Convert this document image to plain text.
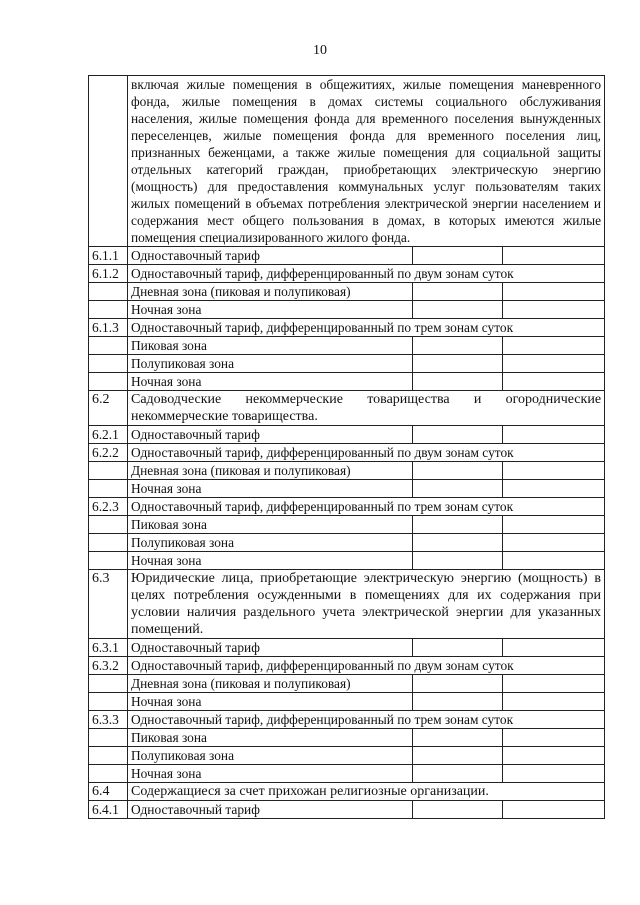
10
	включая жилые помещения в общежитиях, жилые помещения маневренного фонда, жилые помещения в домах системы социального обслуживания населения, жилые помещения фонда для временного поселения вынужденных переселенцев, жилые помещения фонда для временного поселения лиц, признанных беженцами, а также жилые помещения для социальной защиты отдельных категорий граждан, приобретающих электрическую энергию (мощность) для предоставления коммунальных услуг пользователям таких жилых помещений в объемах потребления электрической энергии населением и содержания мест общего пользования в домах, в которых имеются жилые помещения специализированного жилого фонда.		
6.1.1	Одноставочный тариф		
6.1.2	Одноставочный тариф, дифференцированный по двум зонам суток		
	Дневная зона (пиковая и полупиковая)		
	Ночная зона		
6.1.3	Одноставочный тариф, дифференцированный по трем зонам суток		
	Пиковая зона		
	Полупиковая зона		
	Ночная зона		
6.2	Садоводческие некоммерческие товарищества и огороднические некоммерческие товарищества.		
6.2.1	Одноставочный тариф		
6.2.2	Одноставочный тариф, дифференцированный по двум зонам суток		
	Дневная зона (пиковая и полупиковая)		
	Ночная зона		
6.2.3	Одноставочный тариф, дифференцированный по трем зонам суток		
	Пиковая зона		
	Полупиковая зона		
	Ночная зона		
6.3	Юридические лица, приобретающие электрическую энергию (мощность) в целях потребления осужденными в помещениях для их содержания при условии наличия раздельного учета электрической энергии для указанных помещений.		
6.3.1	Одноставочный тариф		
6.3.2	Одноставочный тариф, дифференцированный по двум зонам суток		
	Дневная зона (пиковая и полупиковая)		
	Ночная зона		
6.3.3	Одноставочный тариф, дифференцированный по трем зонам суток		
	Пиковая зона		
	Полупиковая зона		
	Ночная зона		
6.4	Содержащиеся за счет прихожан религиозные организации.		
6.4.1	Одноставочный тариф		
